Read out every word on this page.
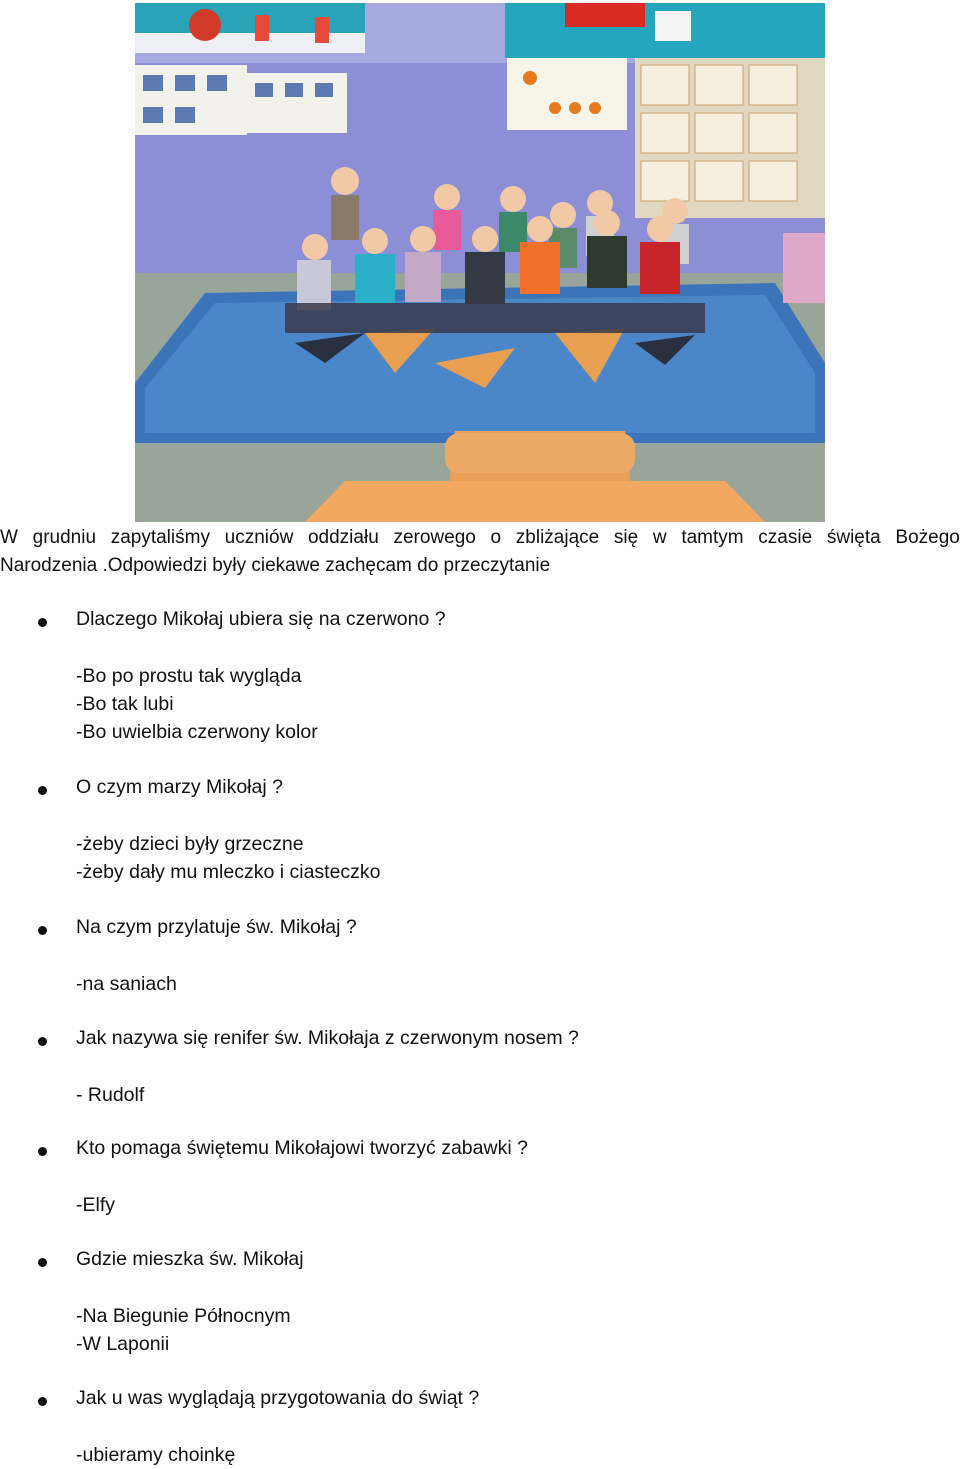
W grudniu zapytaliśmy uczniów oddziału zerowego o zbliżające się w tamtym czasie święta Bożego
Narodzenia .Odpowiedzi były ciekawe zachęcam do przeczytanie
Dlaczego Mikołaj ubiera się na czerwono ?
-Bo po prostu tak wygląda
-Bo tak lubi
-Bo uwielbia czerwony kolor
O czym marzy Mikołaj ?
-żeby dzieci były grzeczne
-żeby dały mu mleczko i ciasteczko
Na czym przylatuje św. Mikołaj ?
-na saniach
Jak nazywa się renifer św. Mikołaja z czerwonym nosem ?
- Rudolf
Kto pomaga świętemu Mikołajowi tworzyć zabawki ?
-Elfy
Gdzie mieszka św. Mikołaj
-Na Biegunie Północnym
-W Laponii
Jak u was wyglądają przygotowania do świąt ?
-ubieramy choinkę
